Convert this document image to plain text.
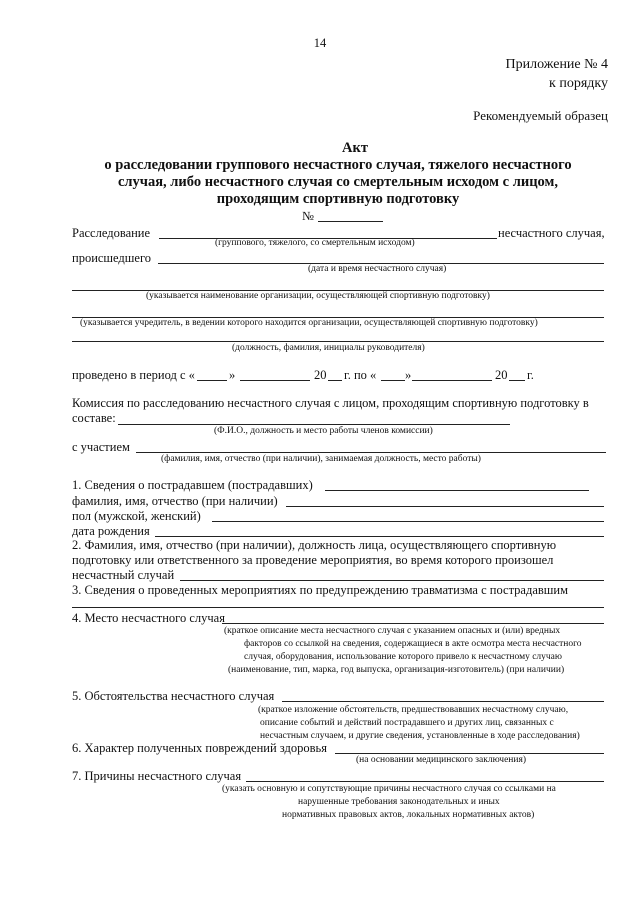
14
Приложение № 4
к порядку
Рекомендуемый образец
Акт
о расследовании группового несчастного случая, тяжелого несчастного
случая, либо несчастного случая со смертельным исходом с лицом,
проходящим спортивную подготовку
№
Расследование	несчастного случая,
(группового, тяжелого, со смертельным исходом)
происшедшего
(дата и время несчастного случая)
(указывается наименование организации, осуществляющей спортивную подготовку)
(указывается учредитель, в ведении которого находится организации, осуществляющей спортивную подготовку)
(должность, фамилия, инициалы руководителя)
проведено в период с «	»	20 г. по « »	20 г.
Комиссия по расследованию несчастного случая с лицом, проходящим спортивную подготовку в
составе:
(Ф.И.О., должность и место работы членов комиссии)
с участием
(фамилия, имя, отчество (при наличии), занимаемая должность, место работы)
1. Сведения о пострадавшем (пострадавших)
фамилия, имя, отчество (при наличии)
пол (мужской, женский)
дата рождения
2. Фамилия, имя, отчество (при наличии), должность лица, осуществляющего спортивную
подготовку или ответственного за проведение мероприятия, во время которого произошел
несчастный случай
3. Сведения о проведенных мероприятиях по предупреждению травматизма с пострадавшим
4. Место несчастного случая
(краткое описание места несчастного случая с указанием опасных и (или) вредных
факторов со ссылкой на сведения, содержащиеся в акте осмотра места несчастного
случая, оборудования, использование которого привело к несчастному случаю
(наименование, тип, марка, год выпуска, организация-изготовитель) (при наличии)
5. Обстоятельства несчастного случая
(краткое изложение обстоятельств, предшествовавших несчастному случаю,
описание событий и действий пострадавшего и других лиц, связанных с
несчастным случаем, и другие сведения, установленные в ходе расследования)
6. Характер полученных повреждений здоровья
(на основании медицинского заключения)
7. Причины несчастного случая
(указать основную и сопутствующие причины несчастного случая со ссылками на
нарушенные требования законодательных и иных
нормативных правовых актов, локальных нормативных актов)
